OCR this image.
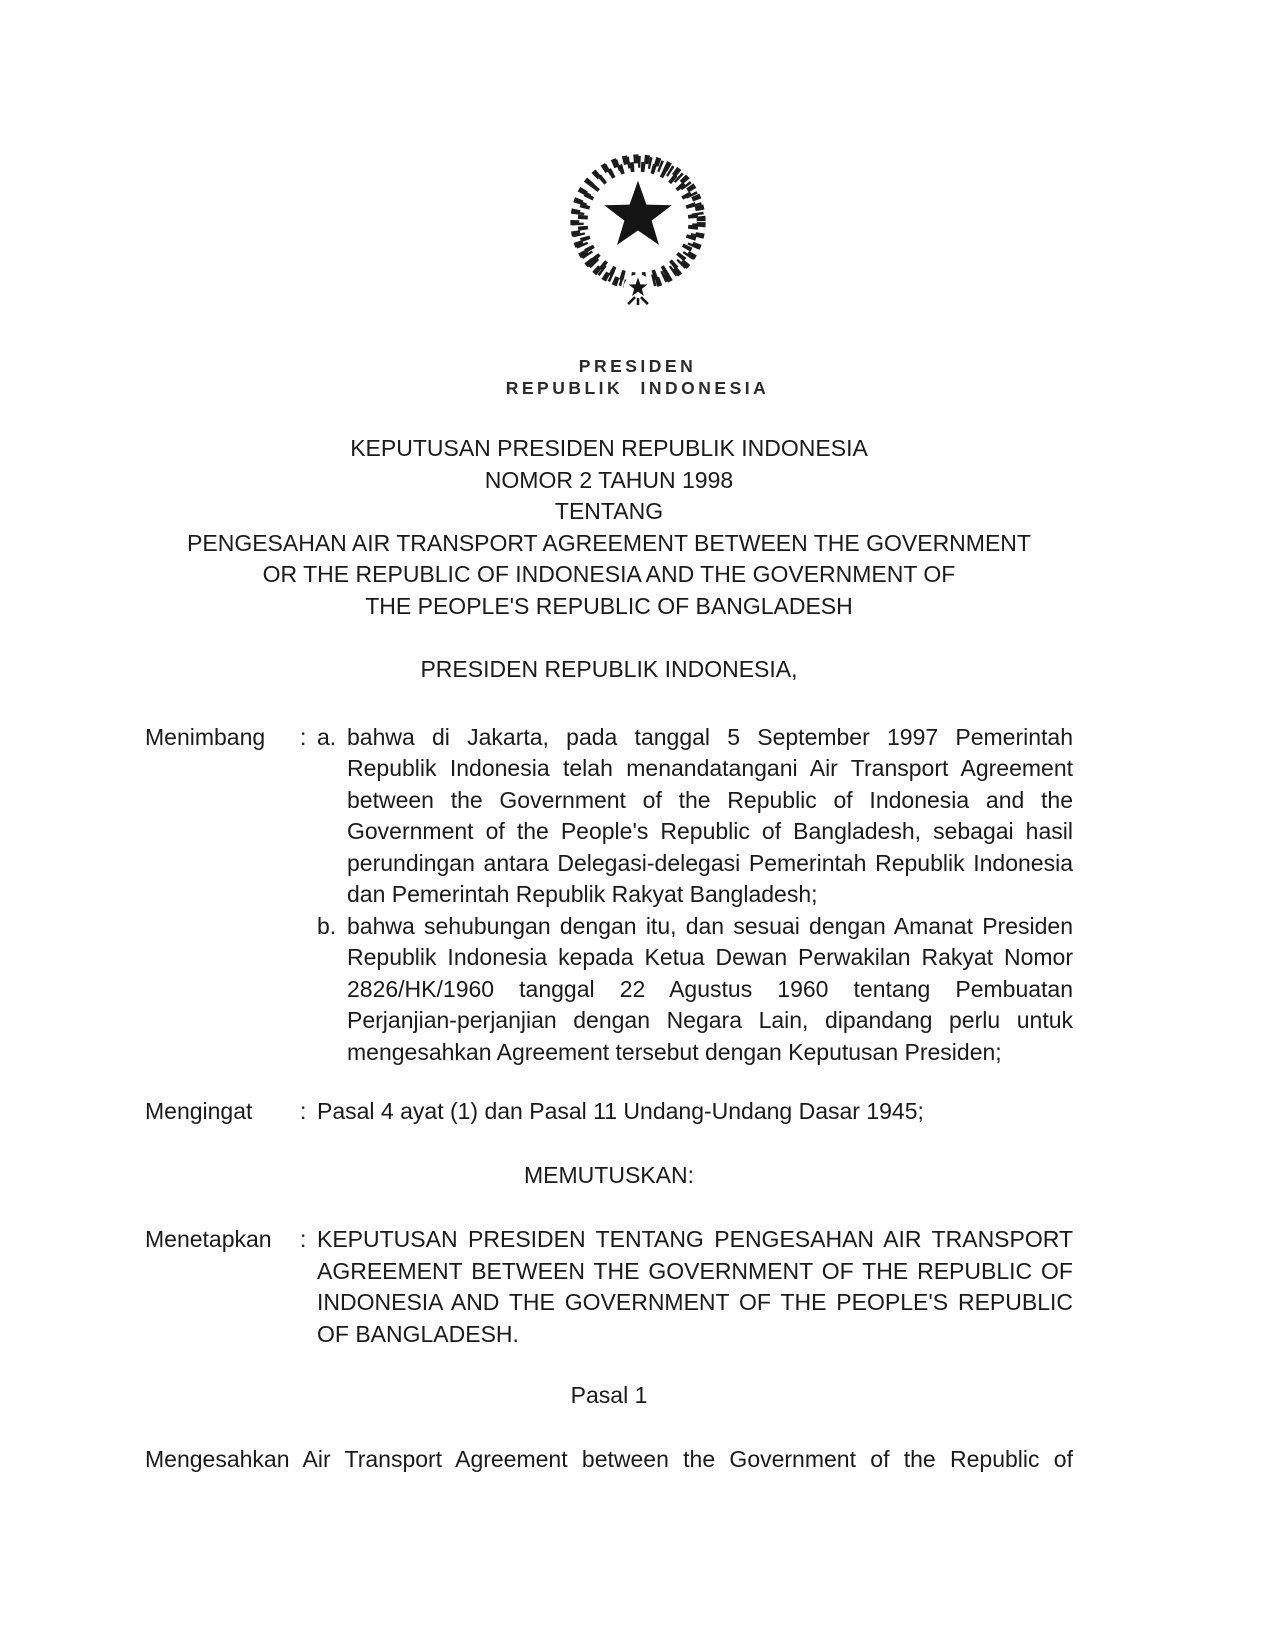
PRESIDEN
REPUBLIK INDONESIA
KEPUTUSAN PRESIDEN REPUBLIK INDONESIA
NOMOR 2 TAHUN 1998
TENTANG
PENGESAHAN AIR TRANSPORT AGREEMENT BETWEEN THE GOVERNMENT
OR THE REPUBLIC OF INDONESIA AND THE GOVERNMENT OF
THE PEOPLE'S REPUBLIC OF BANGLADESH
PRESIDEN REPUBLIK INDONESIA,
Menimbang	: a. bahwa di Jakarta, pada tanggal 5 September 1997 Pemerintah Republik Indonesia telah menandatangani Air Transport Agreement between the Government of the Republic of Indonesia and the Government of the People's Republic of Bangladesh, sebagai hasil perundingan antara Delegasi-delegasi Pemerintah Republik Indonesia dan Pemerintah Republik Rakyat Bangladesh;
b. bahwa sehubungan dengan itu, dan sesuai dengan Amanat Presiden Republik Indonesia kepada Ketua Dewan Perwakilan Rakyat Nomor 2826/HK/1960 tanggal 22 Agustus 1960 tentang Pembuatan Perjanjian-perjanjian dengan Negara Lain, dipandang perlu untuk mengesahkan Agreement tersebut dengan Keputusan Presiden;
Mengingat	: Pasal 4 ayat (1) dan Pasal 11 Undang-Undang Dasar 1945;
MEMUTUSKAN:
Menetapkan	: KEPUTUSAN PRESIDEN TENTANG PENGESAHAN AIR TRANSPORT AGREEMENT BETWEEN THE GOVERNMENT OF THE REPUBLIC OF INDONESIA AND THE GOVERNMENT OF THE PEOPLE'S REPUBLIC OF BANGLADESH.
Pasal 1
Mengesahkan Air Transport Agreement between the Government of the Republic of
